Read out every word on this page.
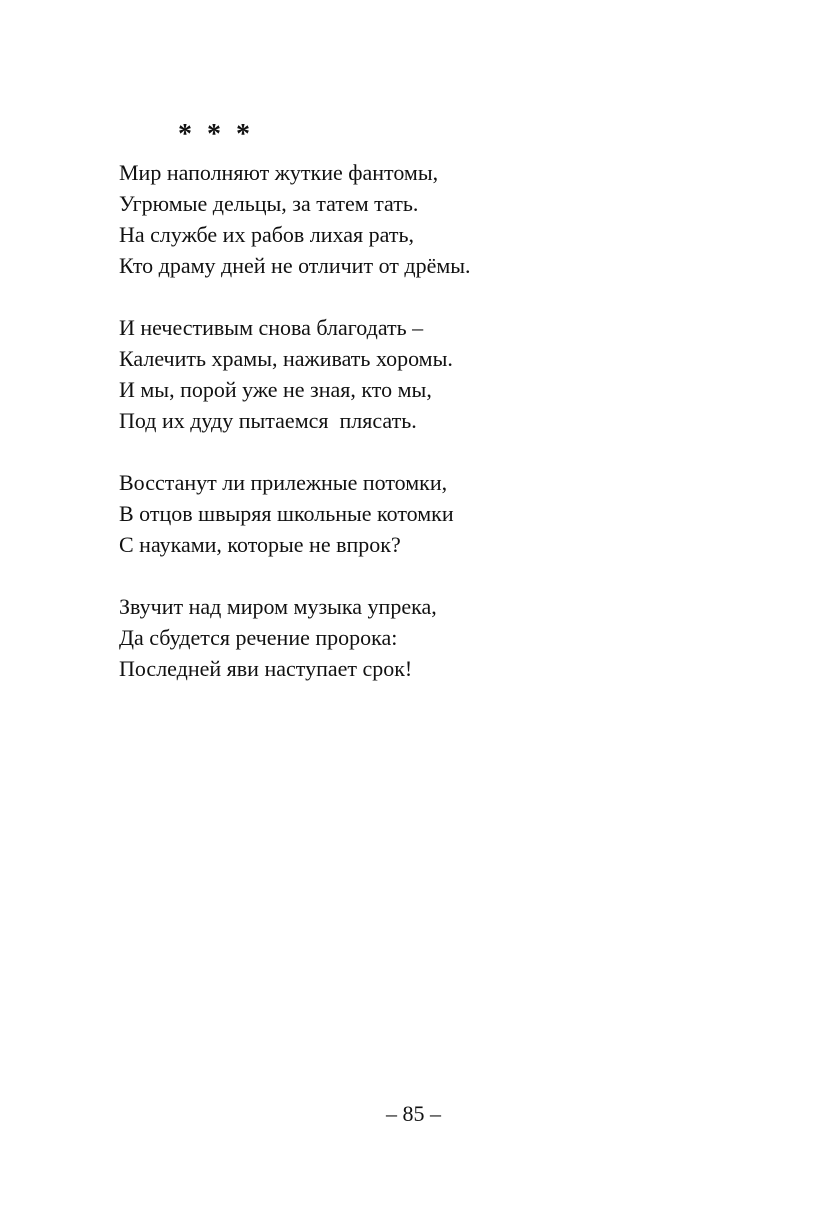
* * *
Мир наполняют жуткие фантомы,
Угрюмые дельцы, за татем тать.
На службе их рабов лихая рать,
Кто драму дней не отличит от дрёмы.
И нечестивым снова благодать –
Калечить храмы, наживать хоромы.
И мы, порой уже не зная, кто мы,
Под их дуду пытаемся  плясать.
Восстанут ли прилежные потомки,
В отцов швыряя школьные котомки
С науками, которые не впрок?
Звучит над миром музыка упрека,
Да сбудется речение пророка:
Последней яви наступает срок!
– 85 –
